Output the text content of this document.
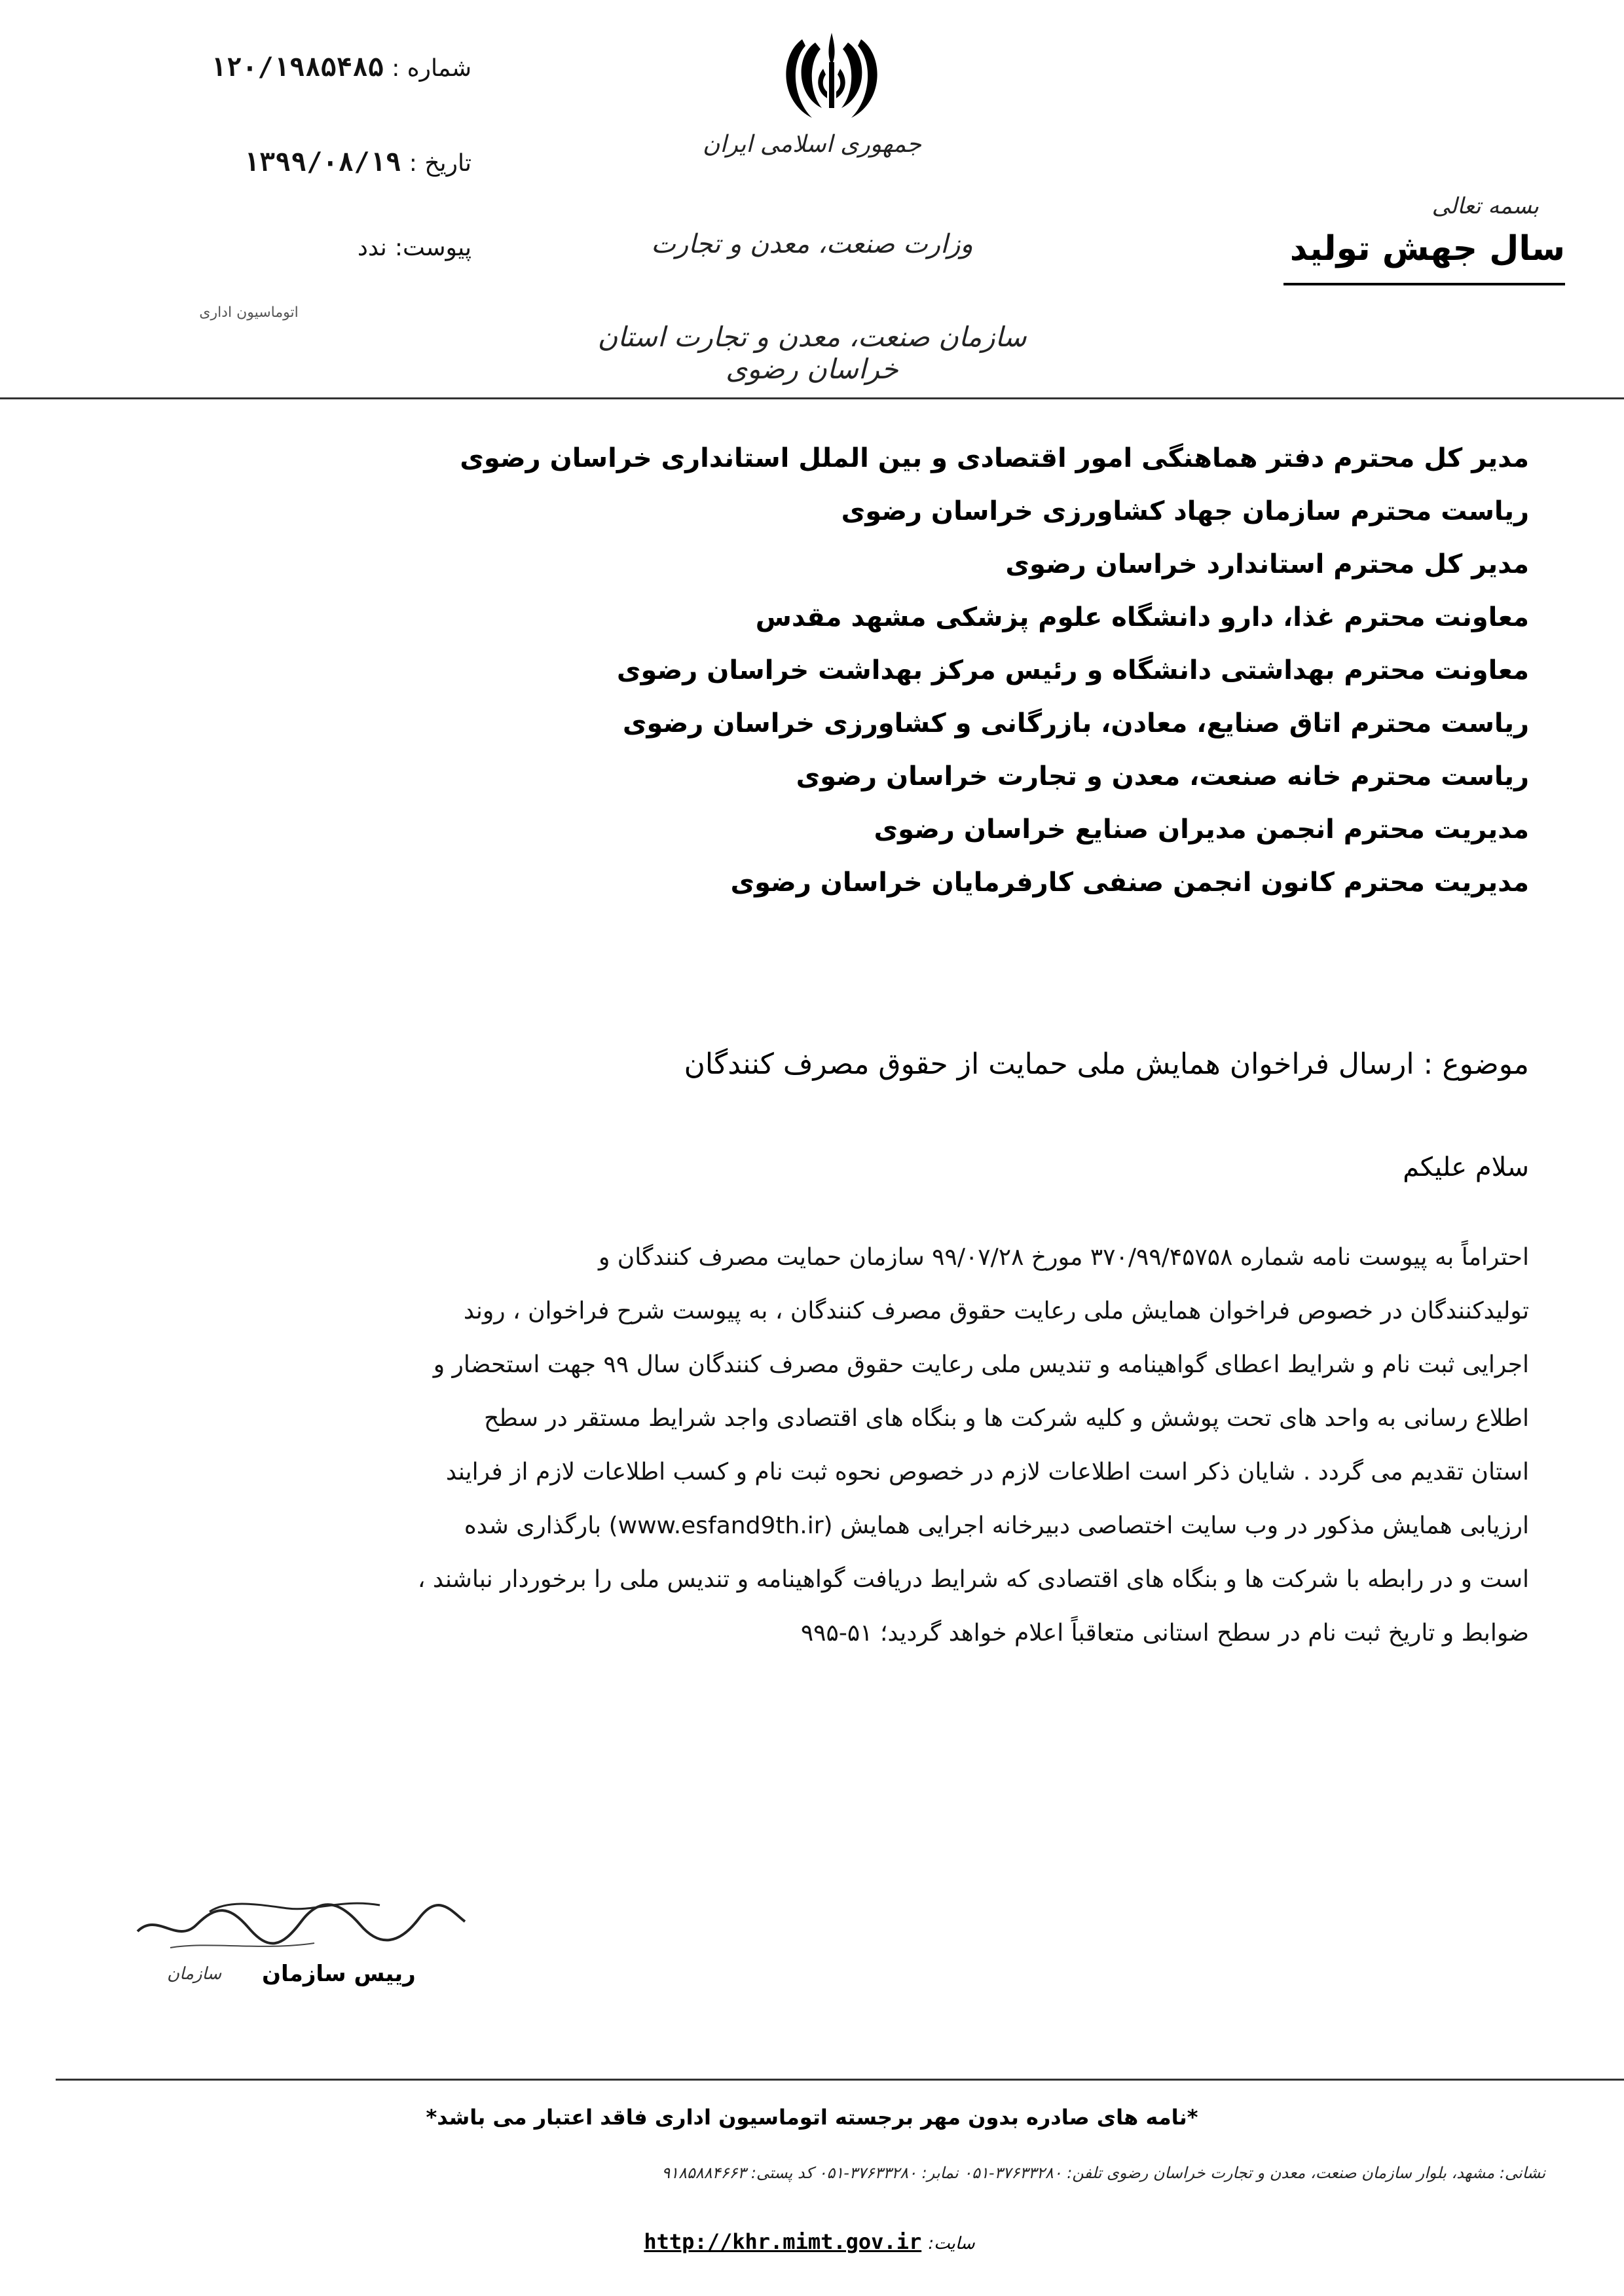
جمهوری اسلامی ایران
وزارت صنعت، معدن و تجارت
سازمان صنعت، معدن و تجارت استان خراسان رضوی
بسمه تعالی
سال جهش تولید
شماره : ۱۲۰/۱۹۸۵۴۸۵
تاریخ : ۱۳۹۹/۰۸/۱۹
پیوست: ندد
اتوماسیون اداری
مدیر کل محترم دفتر هماهنگی امور اقتصادی و بین الملل استانداری خراسان رضوی
ریاست محترم سازمان جهاد کشاورزی خراسان رضوی
مدیر کل محترم استاندارد خراسان رضوی
معاونت محترم غذا، دارو دانشگاه علوم پزشکی مشهد مقدس
معاونت محترم بهداشتی دانشگاه و رئیس مرکز بهداشت خراسان رضوی
ریاست محترم اتاق صنایع، معادن، بازرگانی و کشاورزی خراسان رضوی
ریاست محترم خانه صنعت، معدن و تجارت خراسان رضوی
مدیریت محترم انجمن مدیران صنایع خراسان رضوی
مدیریت محترم کانون انجمن صنفی کارفرمایان خراسان رضوی
موضوع : ارسال فراخوان همایش ملی حمایت از حقوق مصرف کنندگان
سلام علیکم
احتراماً به پیوست نامه شماره ۳۷۰/۹۹/۴۵۷۵۸ مورخ ۹۹/۰۷/۲۸ سازمان حمایت مصرف کنندگان و
تولیدکنندگان در خصوص فراخوان همایش ملی رعایت حقوق مصرف کنندگان ، به پیوست شرح فراخوان ، روند
اجرایی ثبت نام و شرایط اعطای گواهینامه و تندیس ملی رعایت حقوق مصرف کنندگان سال ۹۹ جهت استحضار و
اطلاع رسانی به واحد های تحت پوشش و کلیه شرکت ها و بنگاه های اقتصادی واجد شرایط مستقر در سطح
استان تقدیم می گردد . شایان ذکر است اطلاعات لازم در خصوص نحوه ثبت نام و کسب اطلاعات لازم از فرایند
ارزیابی همایش مذکور در وب سایت اختصاصی دبیرخانه اجرایی همایش (www.esfand9th.ir) بارگذاری شده
است و در رابطه با شرکت ها و بنگاه های اقتصادی که شرایط دریافت گواهینامه و تندیس ملی را برخوردار نباشند ،
ضوابط و تاریخ ثبت نام در سطح استانی متعاقباً اعلام خواهد گردید؛ ۵۱-۹۹۵
رییس سازمان
سازمان
*نامه های صادره بدون مهر برجسته اتوماسیون اداری فاقد اعتبار می باشد*
نشانی: مشهد، بلوار سازمان صنعت، معدن و تجارت خراسان رضوی تلفن: ۳۷۶۳۳۲۸۰-۰۵۱ نمابر: ۳۷۶۳۳۲۸۰-۰۵۱ کد پستی: ۹۱۸۵۸۸۴۶۶۳
سایت: http://khr.mimt.gov.ir
